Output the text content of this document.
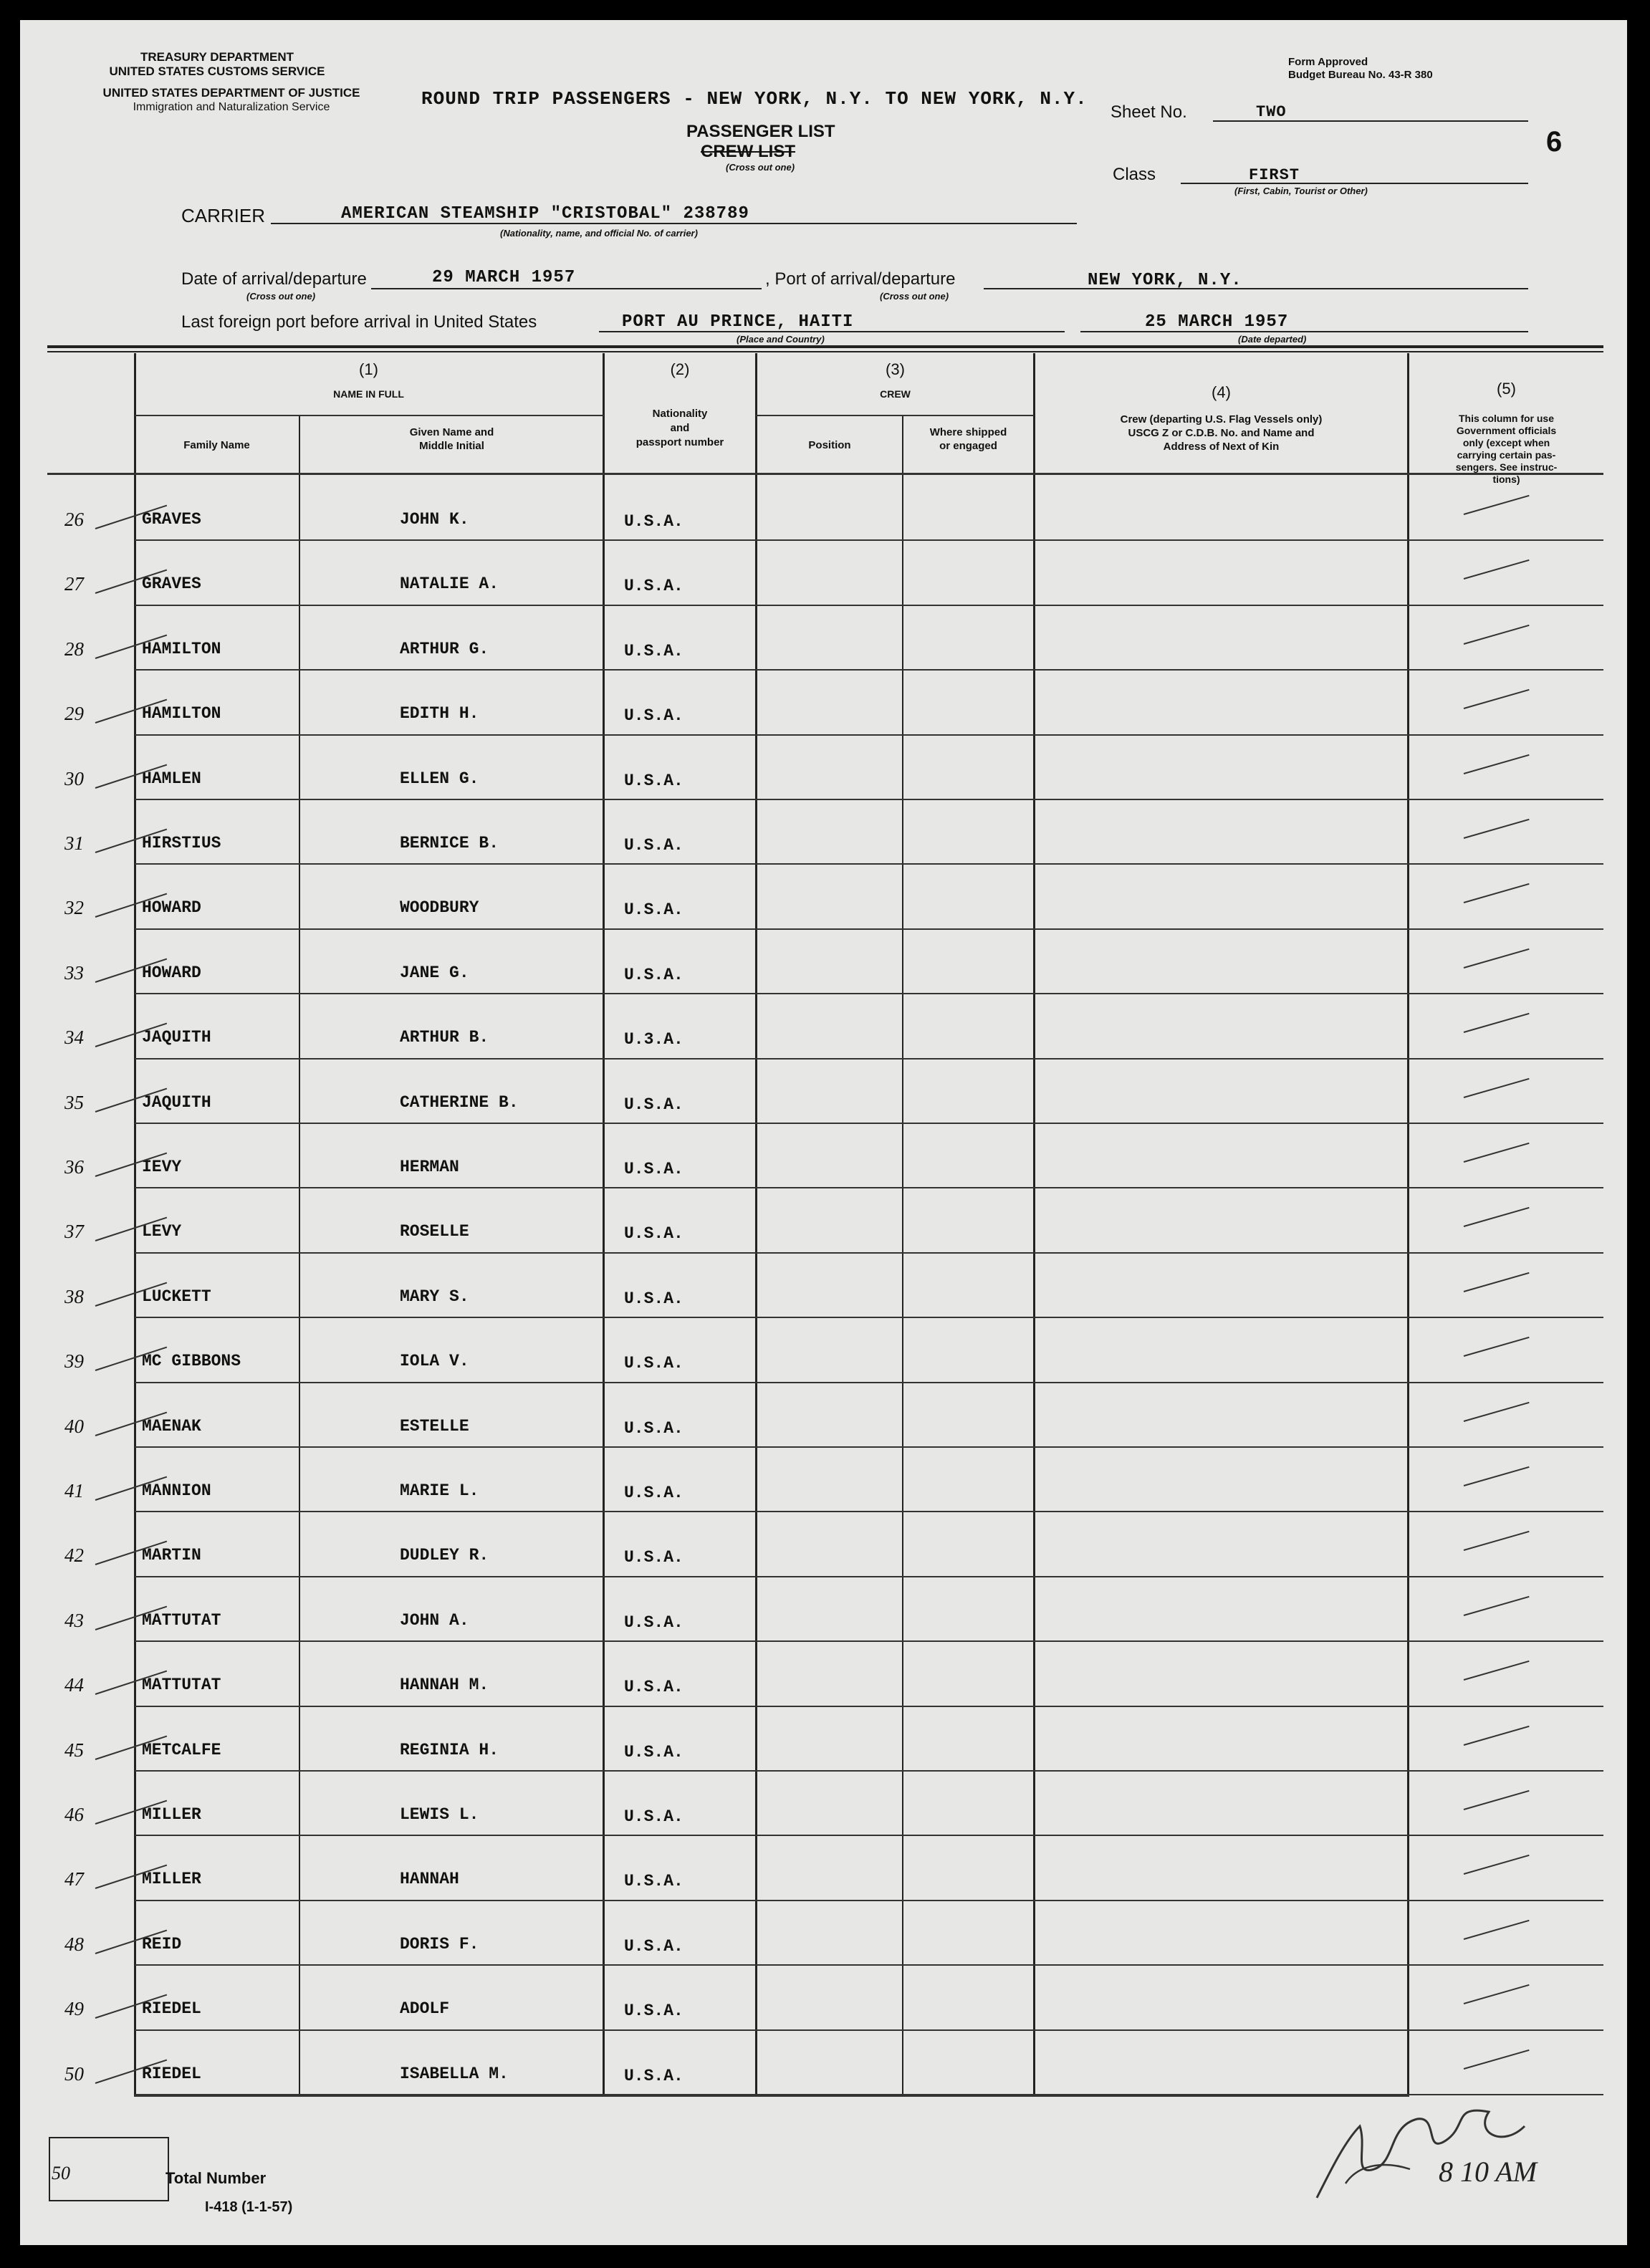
TREASURY DEPARTMENT
UNITED STATES CUSTOMS SERVICE
UNITED STATES DEPARTMENT OF JUSTICE
Immigration and Naturalization Service
Form Approved
Budget Bureau No. 43-R 380
ROUND TRIP PASSENGERS - NEW YORK, N.Y. TO NEW YORK, N.Y.
Sheet No.	TWO
6
PASSENGER LIST
CREW LIST
(Cross out one)	Class	FIRST
(First, Cabin, Tourist or Other)
CARRIER	AMERICAN STEAMSHIP "CRISTOBAL" 238789
(Nationality, name, and official No. of carrier)
Date of arrival/departure	29 MARCH 1957
(Cross out one)
, Port of arrival/departure
(Cross out one)
NEW YORK, N.Y.
Last foreign port before arrival in United States	PORT AU PRINCE, HAITI
(Place and Country)
25 MARCH 1957
(Date departed)
(1)
NAME IN FULL
Family Name
Given Name and
Middle Initial
(2)
Nationality
and
passport number
(3)
CREW
Position
Where shipped
or engaged
(4)
Crew (departing U.S. Flag Vessels only)
USCG Z or C.D.B. No. and Name and
Address of Next of Kin
(5)
This column for use
Government officials
only (except when
carrying certain pas-
sengers. See instruc-
tions)
26	GRAVES	JOHN K.	U.S.A.
27	GRAVES	NATALIE A.	U.S.A.
28	HAMILTON	ARTHUR G.	U.S.A.
29	HAMILTON	EDITH H.	U.S.A.
30	HAMLEN	ELLEN G.	U.S.A.
31	HIRSTIUS	BERNICE B.	U.S.A.
32	HOWARD	WOODBURY	U.S.A.
33	HOWARD	JANE G.	U.S.A.
34	JAQUITH	ARTHUR B.	U.3.A.
35	JAQUITH	CATHERINE B.	U.S.A.
36	IEVY	HERMAN	U.S.A.
37	LEVY	ROSELLE	U.S.A.
38	LUCKETT	MARY S.	U.S.A.
39	MC GIBBONS	IOLA V.	U.S.A.
40	MAENAK	ESTELLE	U.S.A.
41	MANNION	MARIE L.	U.S.A.
42	MARTIN	DUDLEY R.	U.S.A.
43	MATTUTAT	JOHN A.	U.S.A.
44	MATTUTAT	HANNAH M.	U.S.A.
45	METCALFE	REGINIA H.	U.S.A.
46	MILLER	LEWIS L.	U.S.A.
47	MILLER	HANNAH	U.S.A.
48	REID	DORIS F.	U.S.A.
49	RIEDEL	ADOLF	U.S.A.
50	RIEDEL	ISABELLA M.	U.S.A.
50	Total Number
I-418 (1-1-57)
8 10 AM
